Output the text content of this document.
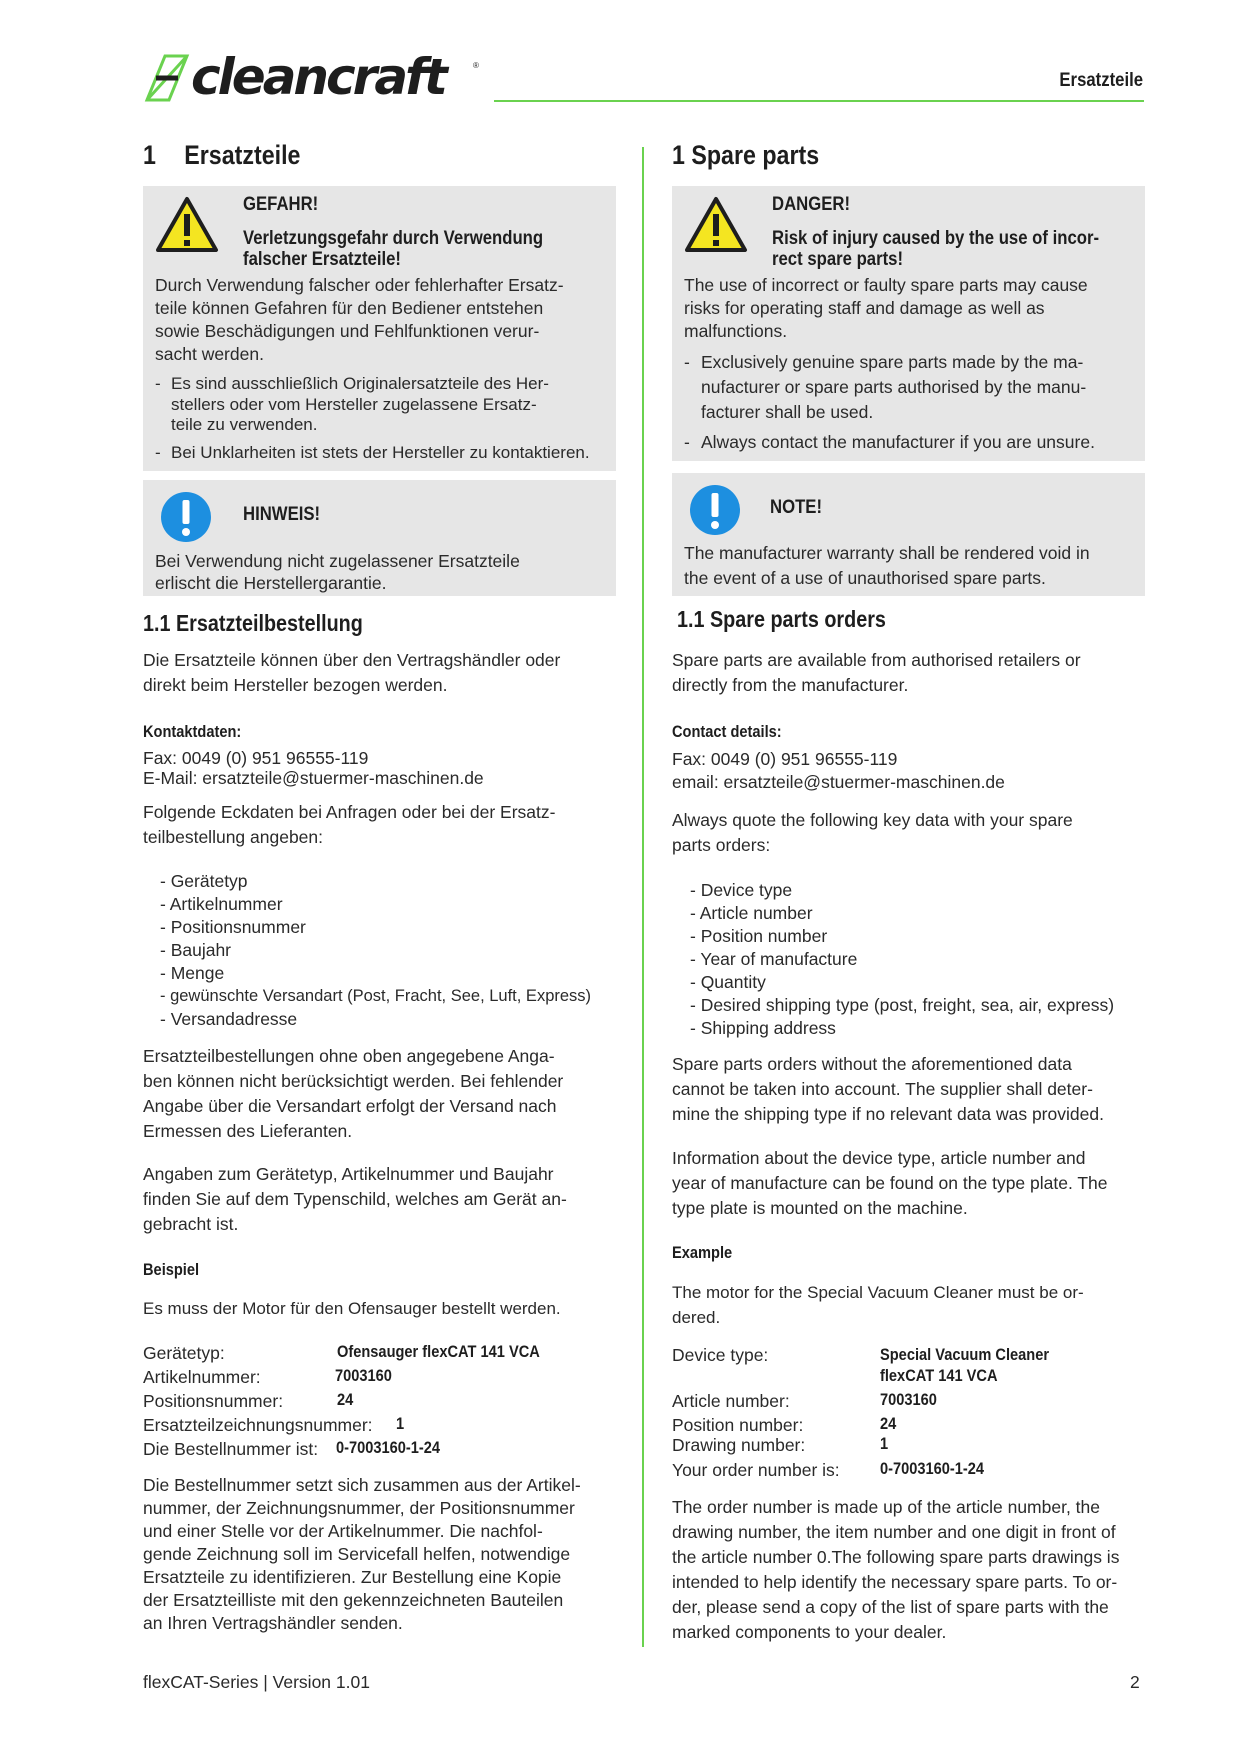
cleancraft	®
Ersatzteile
1 Ersatzteile
GEFAHR!
Verletzungsgefahr durch Verwendung
falscher Ersatzteile!
Durch Verwendung falscher oder fehlerhafter Ersatz-
teile können Gefahren für den Bediener entstehen
sowie Beschädigungen und Fehlfunktionen verur-
sacht werden.
- Es sind ausschließlich Originalersatzteile des Her-
stellers oder vom Hersteller zugelassene Ersatz-
teile zu verwenden.
- Bei Unklarheiten ist stets der Hersteller zu kontaktieren.
HINWEIS!
Bei Verwendung nicht zugelassener Ersatzteile
erlischt die Herstellergarantie.
1.1 Ersatzteilbestellung
Die Ersatzteile können über den Vertragshändler oder
direkt beim Hersteller bezogen werden.
Kontaktdaten:
Fax: 0049 (0) 951 96555-119
E-Mail: ersatzteile@stuermer-maschinen.de
Folgende Eckdaten bei Anfragen oder bei der Ersatz-
teilbestellung angeben:
- Gerätetyp
- Artikelnummer
- Positionsnummer
- Baujahr
- Menge
- gewünschte Versandart (Post, Fracht, See, Luft, Express)
- Versandadresse
Ersatzteilbestellungen ohne oben angegebene Anga-
ben können nicht berücksichtigt werden. Bei fehlender
Angabe über die Versandart erfolgt der Versand nach
Ermessen des Lieferanten.
Angaben zum Gerätetyp, Artikelnummer und Baujahr
finden Sie auf dem Typenschild, welches am Gerät an-
gebracht ist.
Beispiel
Es muss der Motor für den Ofensauger bestellt werden.
Gerätetyp:	Ofensauger flexCAT 141 VCA
Artikelnummer:	7003160
Positionsnummer:	24
Ersatzteilzeichnungsnummer: 1
Die Bestellnummer ist: 0-7003160-1-24
Die Bestellnummer setzt sich zusammen aus der Artikel-
nummer, der Zeichnungsnummer, der Positionsnummer
und einer Stelle vor der Artikelnummer. Die nachfol-
gende Zeichnung soll im Servicefall helfen, notwendige
Ersatzteile zu identifizieren. Zur Bestellung eine Kopie
der Ersatzteilliste mit den gekennzeichneten Bauteilen
an Ihren Vertragshändler senden.
1 Spare parts
DANGER!
Risk of injury caused by the use of incor-
rect spare parts!
The use of incorrect or faulty spare parts may cause
risks for operating staff and damage as well as
malfunctions.
- Exclusively genuine spare parts made by the ma-
nufacturer or spare parts authorised by the manu-
facturer shall be used.
- Always contact the manufacturer if you are unsure.
NOTE!
The manufacturer warranty shall be rendered void in
the event of a use of unauthorised spare parts.
1.1 Spare parts orders
Spare parts are available from authorised retailers or
directly from the manufacturer.
Contact details:
Fax: 0049 (0) 951 96555-119
email: ersatzteile@stuermer-maschinen.de
Always quote the following key data with your spare
parts orders:
- Device type
- Article number
- Position number
- Year of manufacture
- Quantity
- Desired shipping type (post, freight, sea, air, express)
- Shipping address
Spare parts orders without the aforementioned data
cannot be taken into account. The supplier shall deter-
mine the shipping type if no relevant data was provided.
Information about the device type, article number and
year of manufacture can be found on the type plate. The
type plate is mounted on the machine.
Example
The motor for the Special Vacuum Cleaner must be or-
dered.
Device type:	Special Vacuum Cleaner
flexCAT 141 VCA
Article number:	7003160
Position number:	24
Drawing number:	1
Your order number is: 0-7003160-1-24
The order number is made up of the article number, the
drawing number, the item number and one digit in front of
the article number 0.The following spare parts drawings is
intended to help identify the necessary spare parts. To or-
der, please send a copy of the list of spare parts with the
marked components to your dealer.
flexCAT-Series | Version 1.01	2
